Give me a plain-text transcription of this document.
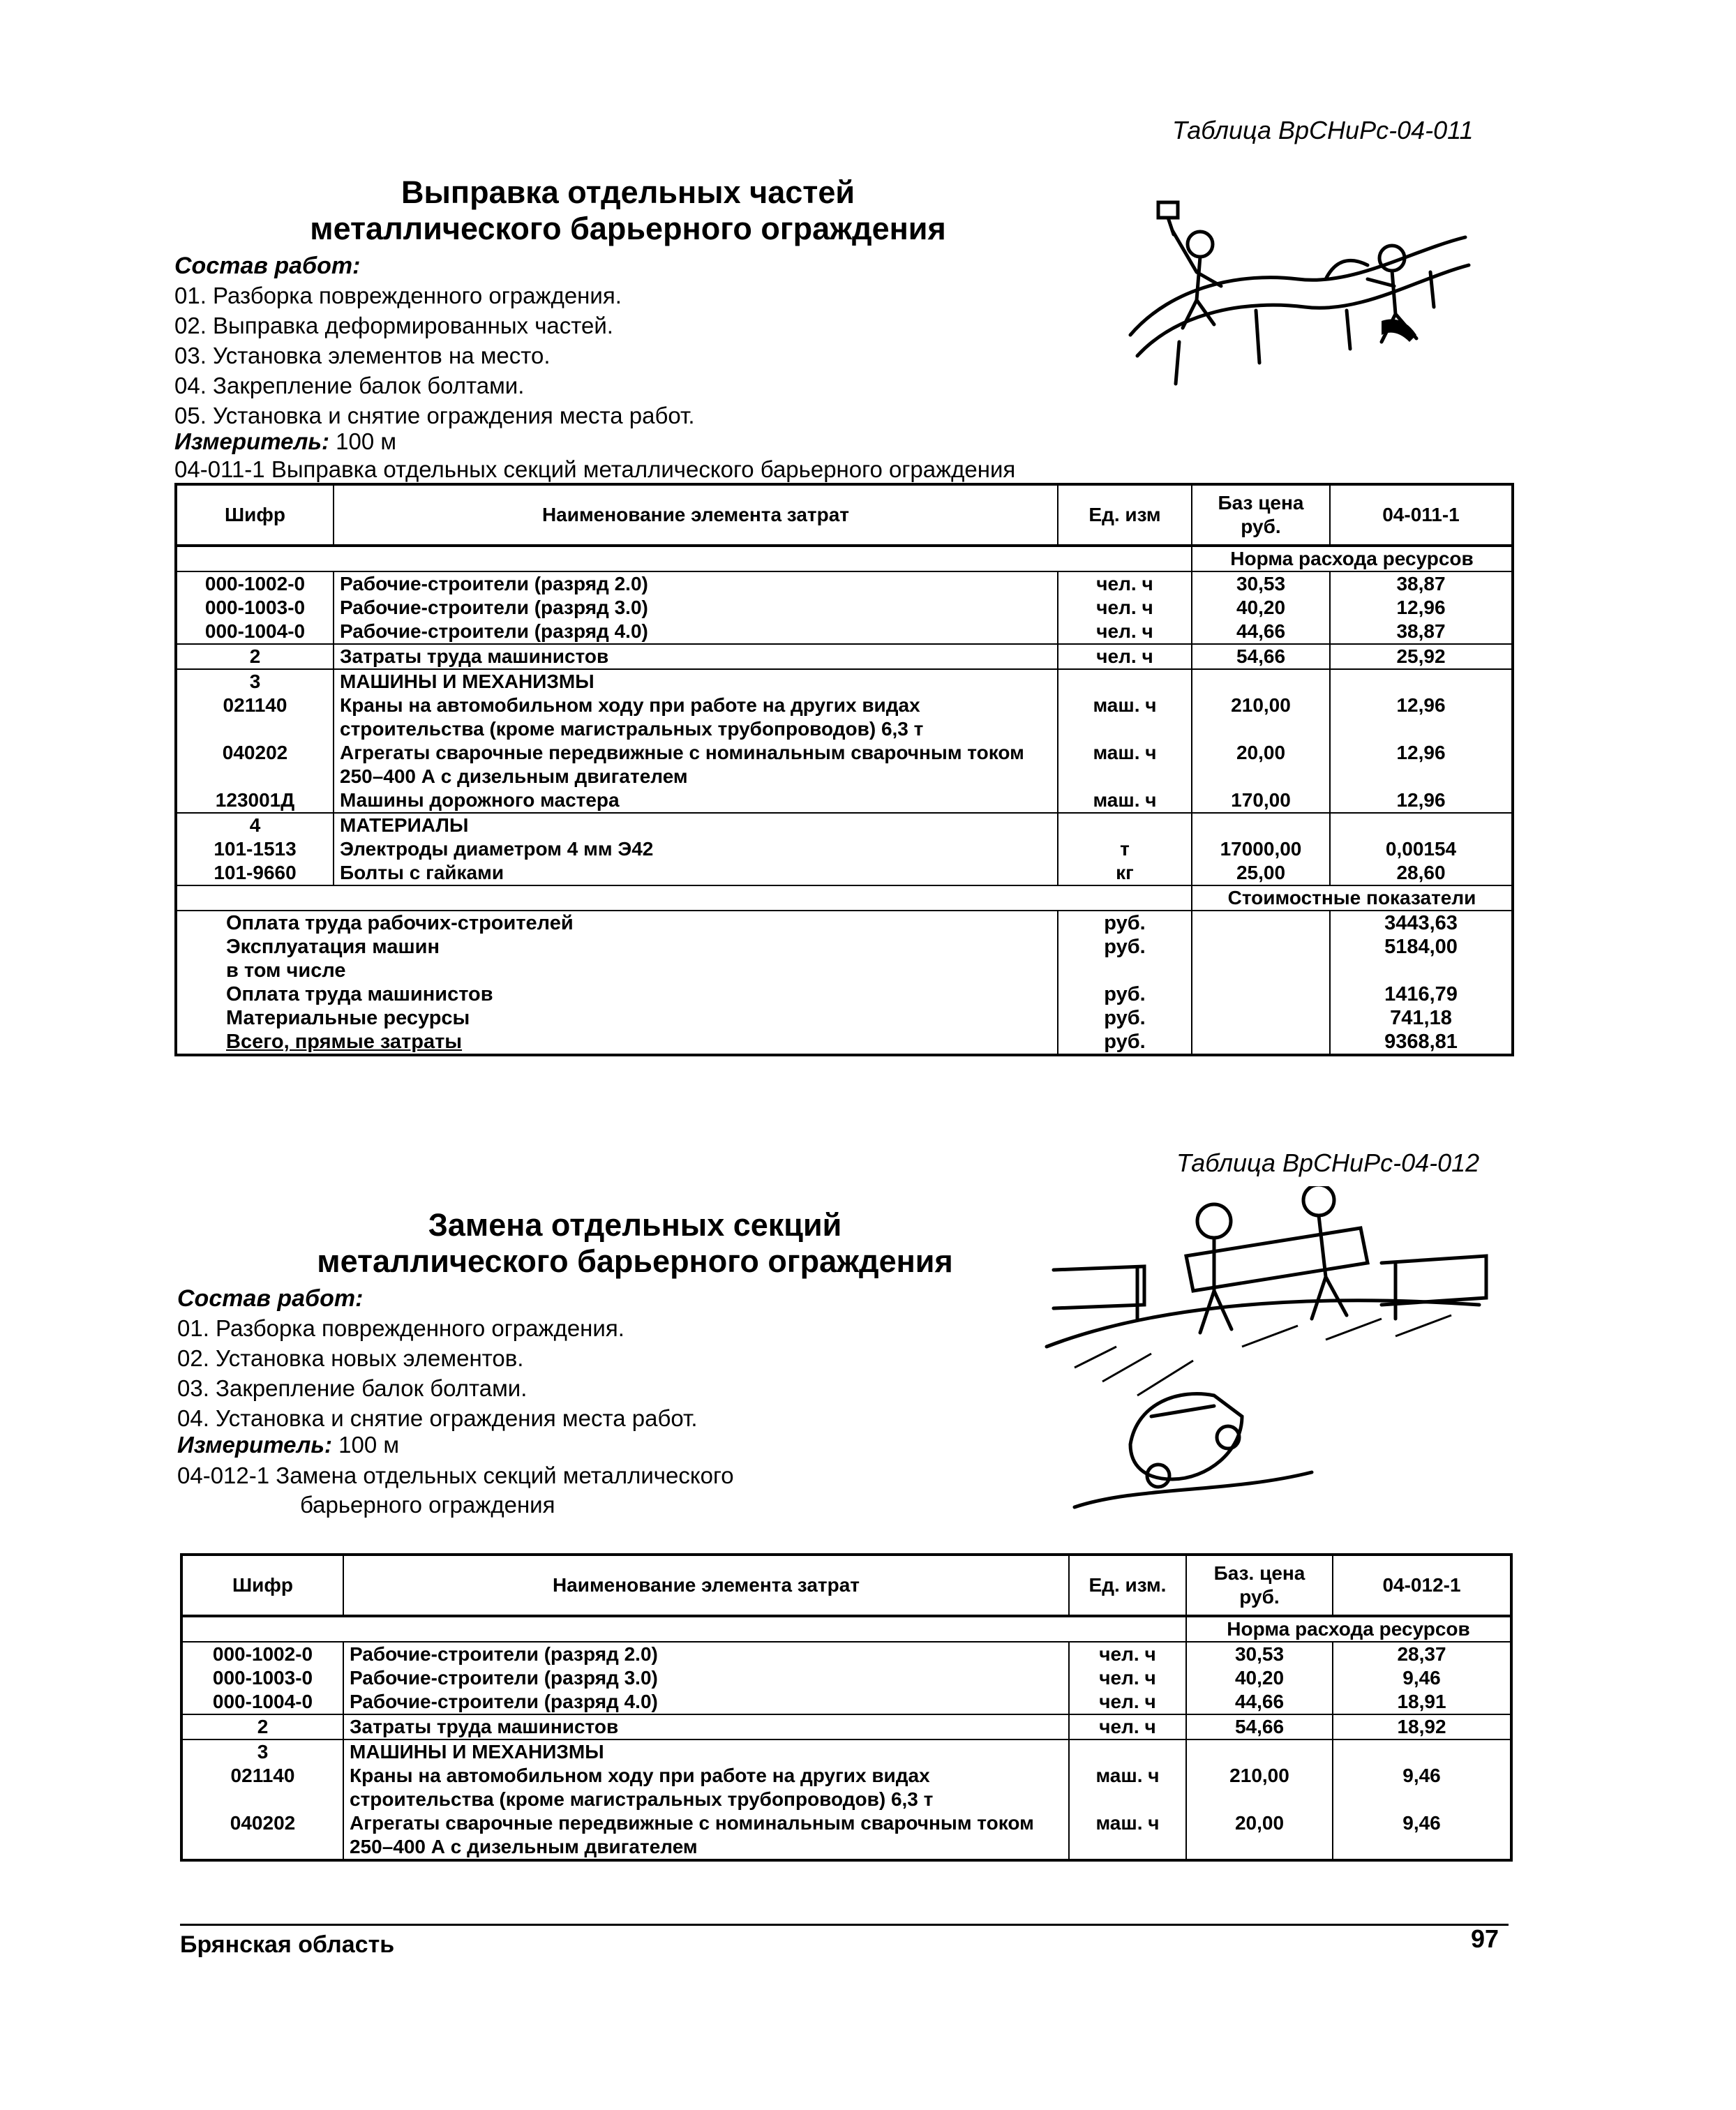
Таблица ВрСНиРс-04-011
Выправка отдельных частей
металлического барьерного ограждения
Состав работ:
01. Разборка поврежденного ограждения.
02. Выправка деформированных частей.
03. Установка элементов на место.
04. Закрепление балок болтами.
05. Установка и снятие ограждения места работ.
Измеритель: 100 м
04-011-1 Выправка отдельных секций металлического барьерного ограждения
Шифр	Наименование элемента затрат	Ед. изм	Баз цена руб.	04-011-1
			Норма расхода ресурсов	
000-1002-0	Рабочие-строители (разряд 2.0)	чел. ч	30,53	38,87
000-1003-0	Рабочие-строители (разряд 3.0)	чел. ч	40,20	12,96
000-1004-0	Рабочие-строители (разряд 4.0)	чел. ч	44,66	38,87
2	Затраты труда машинистов	чел. ч	54,66	25,92
3	МАШИНЫ И МЕХАНИЗМЫ			
021140	Краны на автомобильном ходу при работе на других видах строительства (кроме магистральных трубопроводов) 6,3 т	маш. ч	210,00	12,96
040202	Агрегаты сварочные передвижные с номинальным сварочным током 250–400 А с дизельным двигателем	маш. ч	20,00	12,96
123001Д	Машины дорожного мастера	маш. ч	170,00	12,96
4	МАТЕРИАЛЫ			
101-1513	Электроды диаметром 4 мм Э42	т	17000,00	0,00154
101-9660	Болты с гайками	кг	25,00	28,60
			Стоимостные показатели	
Оплата труда рабочих-строителей		руб.		3443,63
Эксплуатация машин		руб.		5184,00
в том числе				
Оплата труда машинистов		руб.		1416,79
Материальные ресурсы		руб.		741,18
Всего, прямые затраты		руб.		9368,81
Таблица ВрСНиРс-04-012
Замена отдельных секций
металлического барьерного ограждения
Состав работ:
01. Разборка поврежденного ограждения.
02. Установка новых элементов.
03. Закрепление балок болтами.
04. Установка и снятие ограждения места работ.
Измеритель: 100 м
04-012-1 Замена отдельных секций металлического
барьерного ограждения
Шифр	Наименование элемента затрат	Ед. изм.	Баз. цена руб.	04-012-1
			Норма расхода ресурсов	
000-1002-0	Рабочие-строители (разряд 2.0)	чел. ч	30,53	28,37
000-1003-0	Рабочие-строители (разряд 3.0)	чел. ч	40,20	9,46
000-1004-0	Рабочие-строители (разряд 4.0)	чел. ч	44,66	18,91
2	Затраты труда машинистов	чел. ч	54,66	18,92
3	МАШИНЫ И МЕХАНИЗМЫ			
021140	Краны на автомобильном ходу при работе на других видах строительства (кроме магистральных трубопроводов) 6,3 т	маш. ч	210,00	9,46
040202	Агрегаты сварочные передвижные с номинальным сварочным током 250–400 А с дизельным двигателем	маш. ч	20,00	9,46
Брянская область	97
